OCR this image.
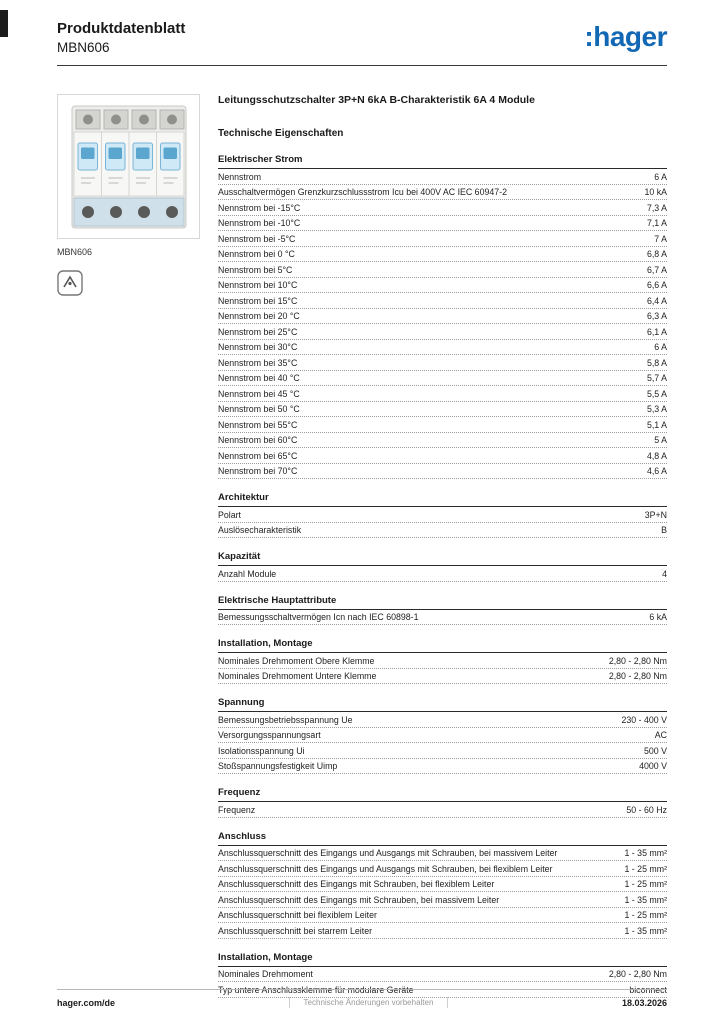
Produktdatenblatt
MBN606	:hager
MBN606
Leitungsschutzschalter 3P+N 6kA B-Charakteristik 6A 4 Module
Technische Eigenschaften
Elektrischer Strom
Nennstrom	6 A
Ausschaltvermögen Grenzkurzschlussstrom Icu bei 400V AC IEC 60947-2	10 kA
Nennstrom bei -15°C	7,3 A
Nennstrom bei -10°C	7,1 A
Nennstrom bei -5°C	7 A
Nennstrom bei 0 °C	6,8 A
Nennstrom bei 5°C	6,7 A
Nennstrom bei 10°C	6,6 A
Nennstrom bei 15°C	6,4 A
Nennstrom bei 20 °C	6,3 A
Nennstrom bei 25°C	6,1 A
Nennstrom bei 30°C	6 A
Nennstrom bei 35°C	5,8 A
Nennstrom bei 40 °C	5,7 A
Nennstrom bei 45 °C	5,5 A
Nennstrom bei 50 °C	5,3 A
Nennstrom bei 55°C	5,1 A
Nennstrom bei 60°C	5 A
Nennstrom bei 65°C	4,8 A
Nennstrom bei 70°C	4,6 A
Architektur
Polart	3P+N
Auslösecharakteristik	B
Kapazität
Anzahl Module	4
Elektrische Hauptattribute
Bemessungsschaltvermögen Icn nach IEC 60898-1	6 kA
Installation, Montage
Nominales Drehmoment Obere Klemme	2,80 - 2,80 Nm
Nominales Drehmoment Untere Klemme	2,80 - 2,80 Nm
Spannung
Bemessungsbetriebsspannung Ue	230 - 400 V
Versorgungsspannungsart	AC
Isolationsspannung Ui	500 V
Stoßspannungsfestigkeit Uimp	4000 V
Frequenz
Frequenz	50 - 60 Hz
Anschluss
Anschlussquerschnitt des Eingangs und Ausgangs mit Schrauben, bei massivem Leiter	1 - 35 mm²
Anschlussquerschnitt des Eingangs und Ausgangs mit Schrauben, bei flexiblem Leiter	1 - 25 mm²
Anschlussquerschnitt des Eingangs mit Schrauben, bei flexiblem Leiter	1 - 25 mm²
Anschlussquerschnitt des Eingangs mit Schrauben, bei massivem Leiter	1 - 35 mm²
Anschlussquerschnitt bei flexiblem Leiter	1 - 25 mm²
Anschlussquerschnitt bei starrem Leiter	1 - 35 mm²
Installation, Montage
Nominales Drehmoment	2,80 - 2,80 Nm
Typ untere Anschlussklemme für modulare Geräte	biconnect
hager.com/de	Technische Änderungen vorbehalten	18.03.2026
